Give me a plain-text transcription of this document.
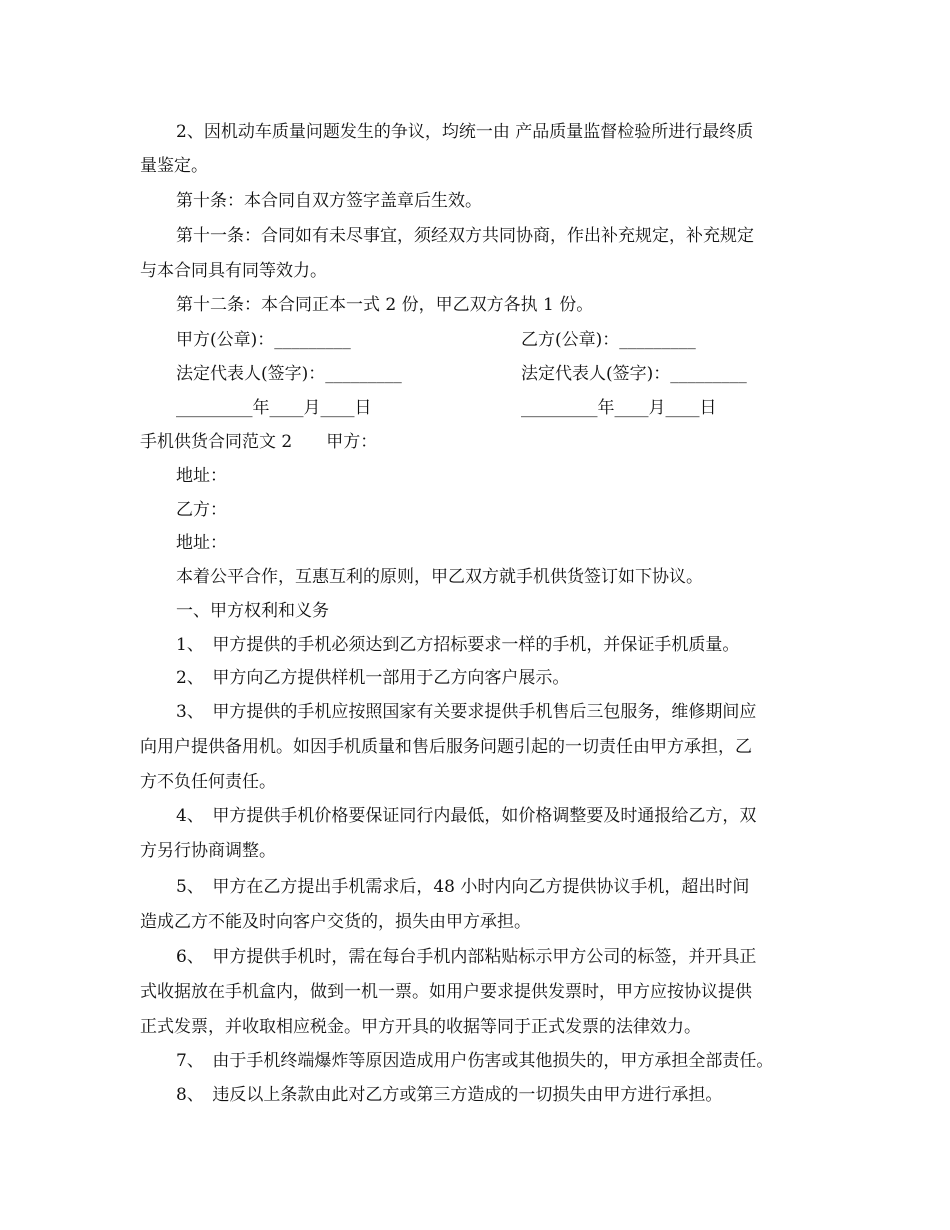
2、因机动车质量问题发生的争议，均统一由 产品质量监督检验所进行最终质
量鉴定。
第十条：本合同自双方签字盖章后生效。
第十一条：合同如有未尽事宜，须经双方共同协商，作出补充规定，补充规定
与本合同具有同等效力。
第十二条：本合同正本一式 2 份，甲乙双方各执 1 份。
甲方(公章)：_________	乙方(公章)：_________
法定代表人(签字)：_________	法定代表人(签字)：_________
_________年____月____日	_________年____月____日
手机供货合同范文 2　　甲方：
地址：
乙方：
地址：
本着公平合作，互惠互利的原则，甲乙双方就手机供货签订如下协议。
一、甲方权利和义务
1、　甲方提供的手机必须达到乙方招标要求一样的手机，并保证手机质量。
2、　甲方向乙方提供样机一部用于乙方向客户展示。
3、　甲方提供的手机应按照国家有关要求提供手机售后三包服务，维修期间应
向用户提供备用机。如因手机质量和售后服务问题引起的一切责任由甲方承担，乙
方不负任何责任。
4、　甲方提供手机价格要保证同行内最低，如价格调整要及时通报给乙方，双
方另行协商调整。
5、　甲方在乙方提出手机需求后，48 小时内向乙方提供协议手机，超出时间
造成乙方不能及时向客户交货的，损失由甲方承担。
6、　甲方提供手机时，需在每台手机内部粘贴标示甲方公司的标签，并开具正
式收据放在手机盒内，做到一机一票。如用户要求提供发票时，甲方应按协议提供
正式发票，并收取相应税金。甲方开具的收据等同于正式发票的法律效力。
7、　由于手机终端爆炸等原因造成用户伤害或其他损失的，甲方承担全部责任。
8、　违反以上条款由此对乙方或第三方造成的一切损失由甲方进行承担。
